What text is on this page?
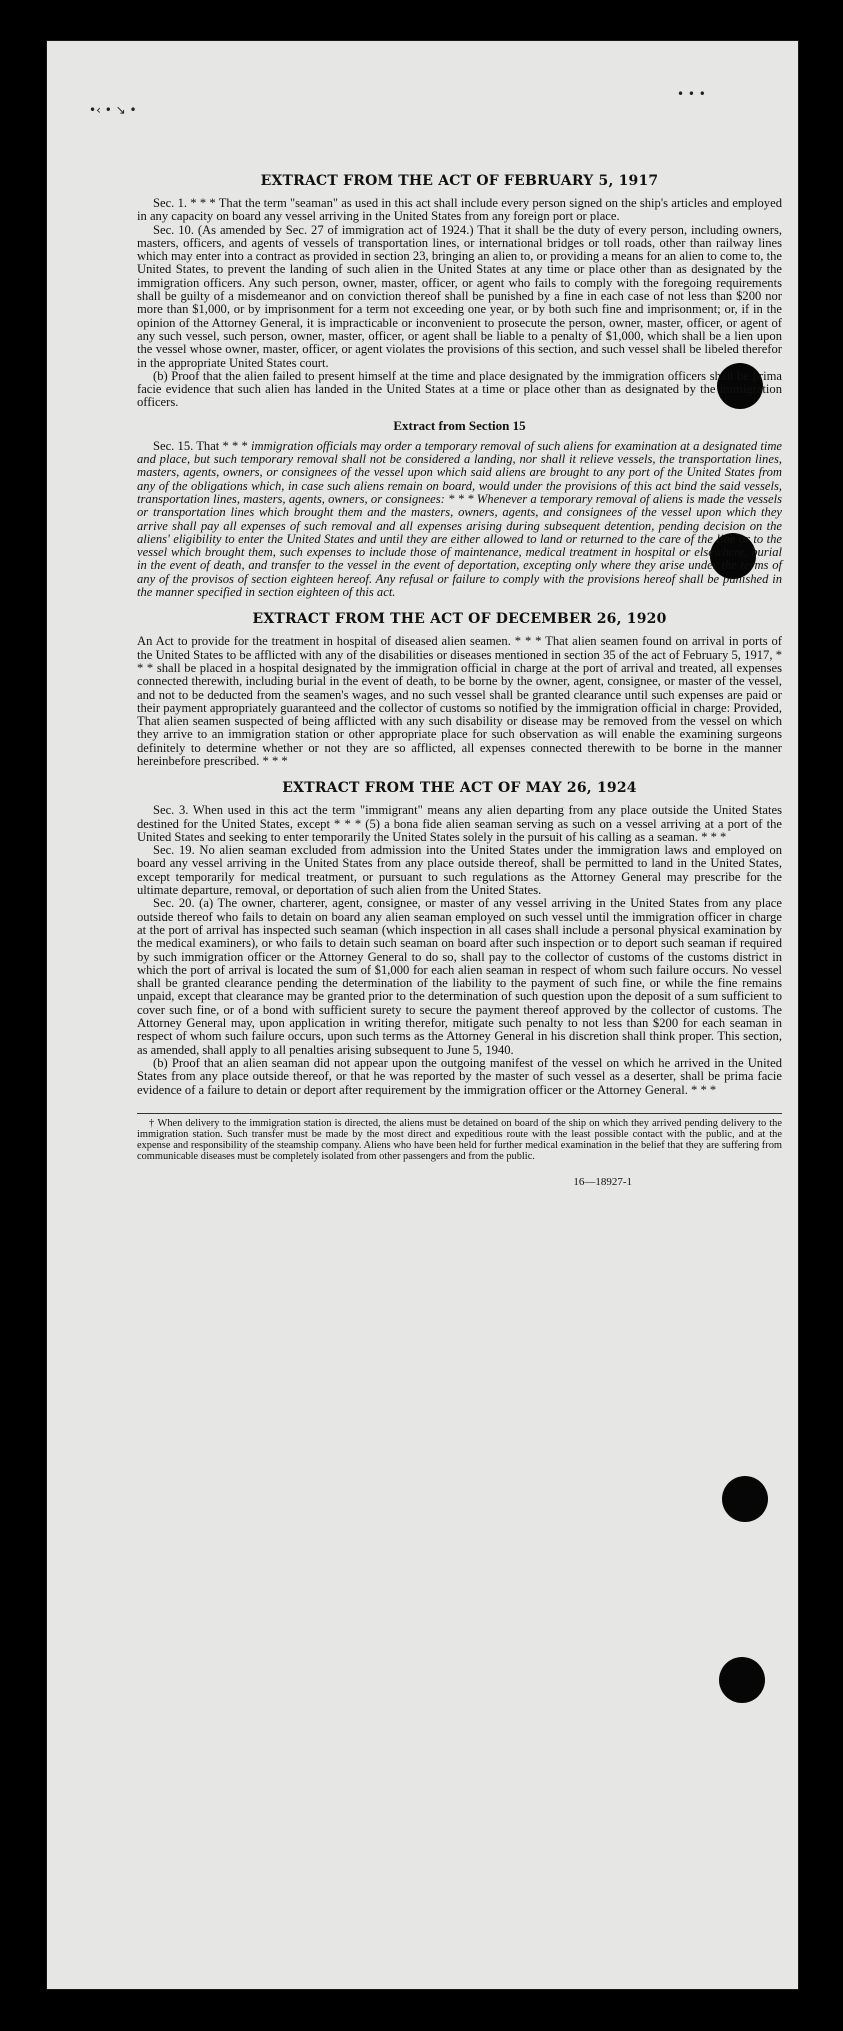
•‹ • ↘ •
• • •
EXTRACT FROM THE ACT OF FEBRUARY 5, 1917

Sec. 1. * * * That the term "seaman" as used in this act shall include every person signed on the ship's articles and employed in any capacity on board any vessel arriving in the United States from any foreign port or place.

Sec. 10. (As amended by Sec. 27 of immigration act of 1924.) That it shall be the duty of every person, including owners, masters, officers, and agents of vessels of transportation lines, or international bridges or toll roads, other than railway lines which may enter into a contract as provided in section 23, bringing an alien to, or providing a means for an alien to come to, the United States, to prevent the landing of such alien in the United States at any time or place other than as designated by the immigration officers. Any such person, owner, master, officer, or agent who fails to comply with the foregoing requirements shall be guilty of a misdemeanor and on conviction thereof shall be punished by a fine in each case of not less than $200 nor more than $1,000, or by imprisonment for a term not exceeding one year, or by both such fine and imprisonment; or, if in the opinion of the Attorney General, it is impracticable or inconvenient to prosecute the person, owner, master, officer, or agent of any such vessel, such person, owner, master, officer, or agent shall be liable to a penalty of $1,000, which shall be a lien upon the vessel whose owner, master, officer, or agent violates the provisions of this section, and such vessel shall be libeled therefor in the appropriate United States court.

(b) Proof that the alien failed to present himself at the time and place designated by the immigration officers shall be prima facie evidence that such alien has landed in the United States at a time or place other than as designated by the immigration officers.

Extract from Section 15

Sec. 15. That * * * immigration officials may order a temporary removal of such aliens for examination at a designated time and place, but such temporary removal shall not be considered a landing, nor shall it relieve vessels, the transportation lines, masters, agents, owners, or consignees of the vessel upon which said aliens are brought to any port of the United States from any of the obligations which, in case such aliens remain on board, would under the provisions of this act bind the said vessels, transportation lines, masters, agents, owners, or consignees: * * * Whenever a temporary removal of aliens is made the vessels or transportation lines which brought them and the masters, owners, agents, and consignees of the vessel upon which they arrive shall pay all expenses of such removal and all expenses arising during subsequent detention, pending decision on the aliens' eligibility to enter the United States and until they are either allowed to land or returned to the care of the line or to the vessel which brought them, such expenses to include those of maintenance, medical treatment in hospital or elsewhere, burial in the event of death, and transfer to the vessel in the event of deportation, excepting only where they arise under the terms of any of the provisos of section eighteen hereof. Any refusal or failure to comply with the provisions hereof shall be punished in the manner specified in section eighteen of this act.

EXTRACT FROM THE ACT OF DECEMBER 26, 1920

An Act to provide for the treatment in hospital of diseased alien seamen. * * * That alien seamen found on arrival in ports of the United States to be afflicted with any of the disabilities or diseases mentioned in section 35 of the act of February 5, 1917, * * * shall be placed in a hospital designated by the immigration official in charge at the port of arrival and treated, all expenses connected therewith, including burial in the event of death, to be borne by the owner, agent, consignee, or master of the vessel, and not to be deducted from the seamen's wages, and no such vessel shall be granted clearance until such expenses are paid or their payment appropriately guaranteed and the collector of customs so notified by the immigration official in charge: Provided, That alien seamen suspected of being afflicted with any such disability or disease may be removed from the vessel on which they arrive to an immigration station or other appropriate place for such observation as will enable the examining surgeons definitely to determine whether or not they are so afflicted, all expenses connected therewith to be borne in the manner hereinbefore prescribed. * * *

EXTRACT FROM THE ACT OF MAY 26, 1924

Sec. 3. When used in this act the term "immigrant" means any alien departing from any place outside the United States destined for the United States, except * * * (5) a bona fide alien seaman serving as such on a vessel arriving at a port of the United States and seeking to enter temporarily the United States solely in the pursuit of his calling as a seaman. * * *

Sec. 19. No alien seaman excluded from admission into the United States under the immigration laws and employed on board any vessel arriving in the United States from any place outside thereof, shall be permitted to land in the United States, except temporarily for medical treatment, or pursuant to such regulations as the Attorney General may prescribe for the ultimate departure, removal, or deportation of such alien from the United States.

Sec. 20. (a) The owner, charterer, agent, consignee, or master of any vessel arriving in the United States from any place outside thereof who fails to detain on board any alien seaman employed on such vessel until the immigration officer in charge at the port of arrival has inspected such seaman (which inspection in all cases shall include a personal physical examination by the medical examiners), or who fails to detain such seaman on board after such inspection or to deport such seaman if required by such immigration officer or the Attorney General to do so, shall pay to the collector of customs of the customs district in which the port of arrival is located the sum of $1,000 for each alien seaman in respect of whom such failure occurs. No vessel shall be granted clearance pending the determination of the liability to the payment of such fine, or while the fine remains unpaid, except that clearance may be granted prior to the determination of such question upon the deposit of a sum sufficient to cover such fine, or of a bond with sufficient surety to secure the payment thereof approved by the collector of customs. The Attorney General may, upon application in writing therefor, mitigate such penalty to not less than $200 for each seaman in respect of whom such failure occurs, upon such terms as the Attorney General in his discretion shall think proper. This section, as amended, shall apply to all penalties arising subsequent to June 5, 1940.

(b) Proof that an alien seaman did not appear upon the outgoing manifest of the vessel on which he arrived in the United States from any place outside thereof, or that he was reported by the master of such vessel as a deserter, shall be prima facie evidence of a failure to detain or deport after requirement by the immigration officer or the Attorney General. * * *

† When delivery to the immigration station is directed, the aliens must be detained on board of the ship on which they arrived pending delivery to the immigration station. Such transfer must be made by the most direct and expeditious route with the least possible contact with the public, and at the expense and responsibility of the steamship company. Aliens who have been held for further medical examination in the belief that they are suffering from communicable diseases must be completely isolated from other passengers and from the public.
16—18927-1
